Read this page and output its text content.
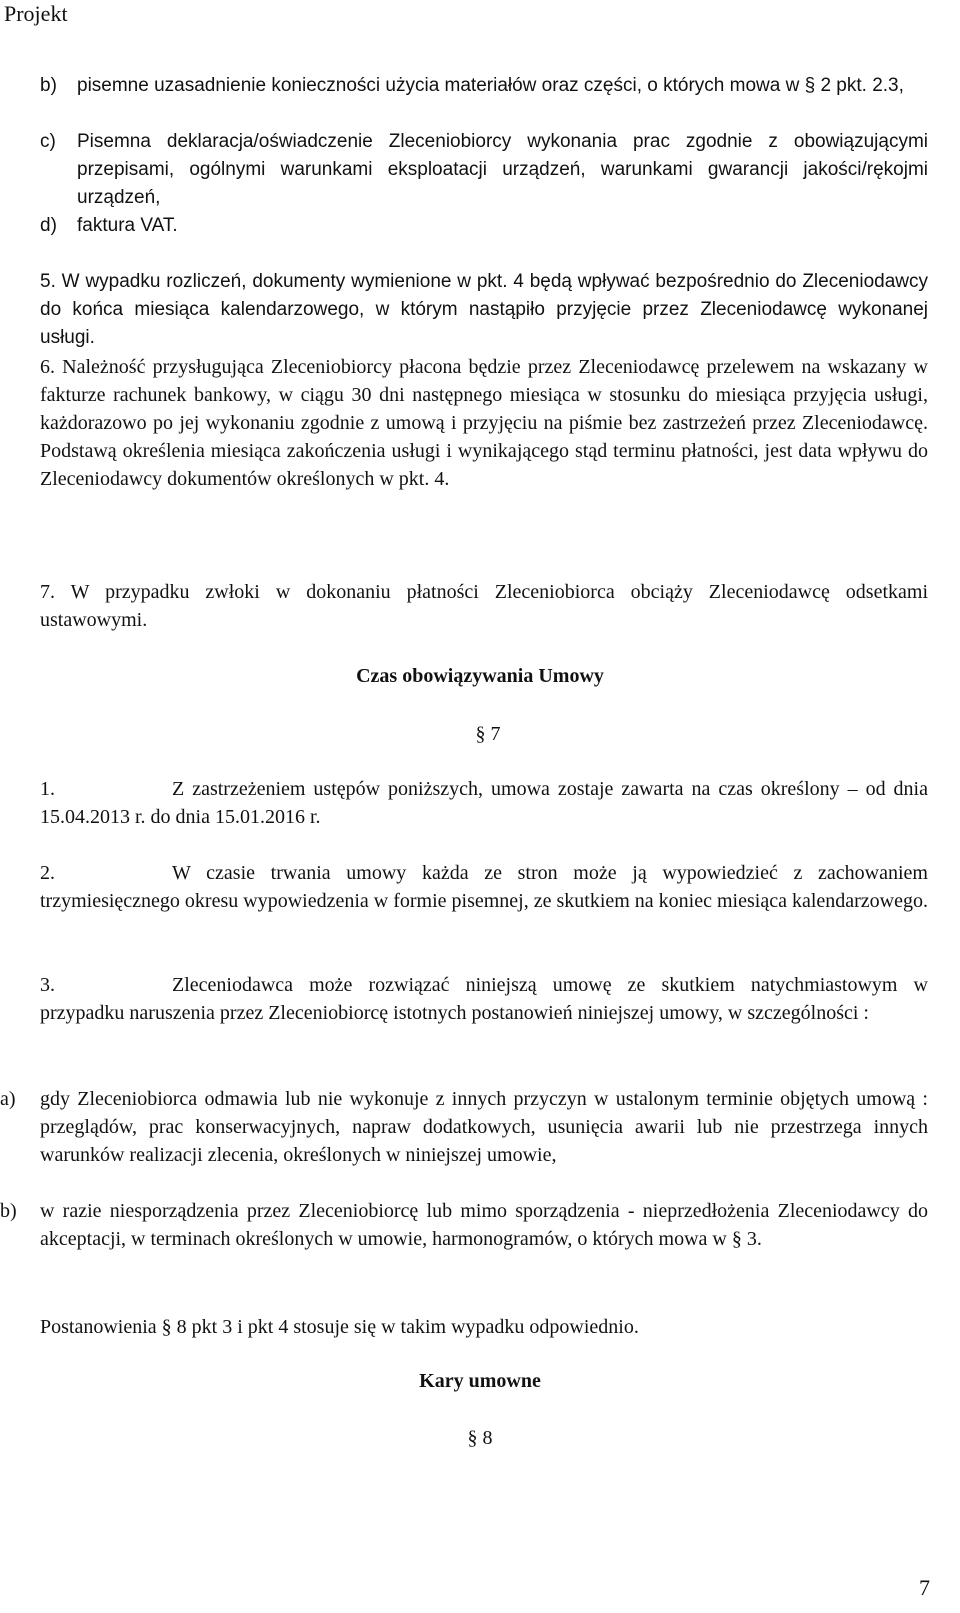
Projekt
b)	pisemne uzasadnienie konieczności użycia materiałów oraz części, o których mowa w § 2 pkt. 2.3,
c)	Pisemna deklaracja/oświadczenie Zleceniobiorcy wykonania prac zgodnie z obowiązującymi przepisami, ogólnymi warunkami eksploatacji urządzeń, warunkami gwarancji jakości/rękojmi urządzeń,
d)	faktura VAT.
5. W wypadku rozliczeń, dokumenty wymienione w pkt. 4 będą wpływać bezpośrednio do Zleceniodawcy do końca miesiąca kalendarzowego, w którym nastąpiło przyjęcie przez Zleceniodawcę wykonanej usługi.
6. Należność przysługująca Zleceniobiorcy płacona będzie przez Zleceniodawcę przelewem na wskazany w fakturze rachunek bankowy, w ciągu 30 dni następnego miesiąca w stosunku do miesiąca przyjęcia usługi, każdorazowo po jej wykonaniu zgodnie z umową i przyjęciu na piśmie bez zastrzeżeń przez Zleceniodawcę. Podstawą określenia miesiąca zakończenia usługi i wynikającego stąd terminu płatności, jest data wpływu do Zleceniodawcy dokumentów określonych w pkt. 4.
7. W przypadku zwłoki w dokonaniu płatności Zleceniobiorca obciąży Zleceniodawcę odsetkami ustawowymi.
Czas obowiązywania Umowy
§ 7
1.	Z zastrzeżeniem ustępów poniższych, umowa zostaje zawarta na czas określony – od dnia 15.04.2013 r. do dnia 15.01.2016 r.
2.	W czasie trwania umowy każda ze stron może ją wypowiedzieć z zachowaniem trzymiesięcznego okresu wypowiedzenia w formie pisemnej, ze skutkiem na koniec miesiąca kalendarzowego.
3.	Zleceniodawca może rozwiązać niniejszą umowę ze skutkiem natychmiastowym w przypadku naruszenia przez Zleceniobiorcę istotnych postanowień niniejszej umowy, w szczególności :
a)	gdy Zleceniobiorca odmawia lub nie wykonuje z innych przyczyn w ustalonym terminie objętych umową : przeglądów, prac konserwacyjnych, napraw dodatkowych, usunięcia awarii lub nie przestrzega innych warunków realizacji zlecenia, określonych w niniejszej umowie,
b)	w razie niesporządzenia przez Zleceniobiorcę lub mimo sporządzenia - nieprzedłożenia Zleceniodawcy do akceptacji, w terminach określonych w umowie, harmonogramów, o których mowa w § 3.
Postanowienia § 8 pkt 3 i pkt 4 stosuje się w takim wypadku odpowiednio.
Kary umowne
§ 8
7
